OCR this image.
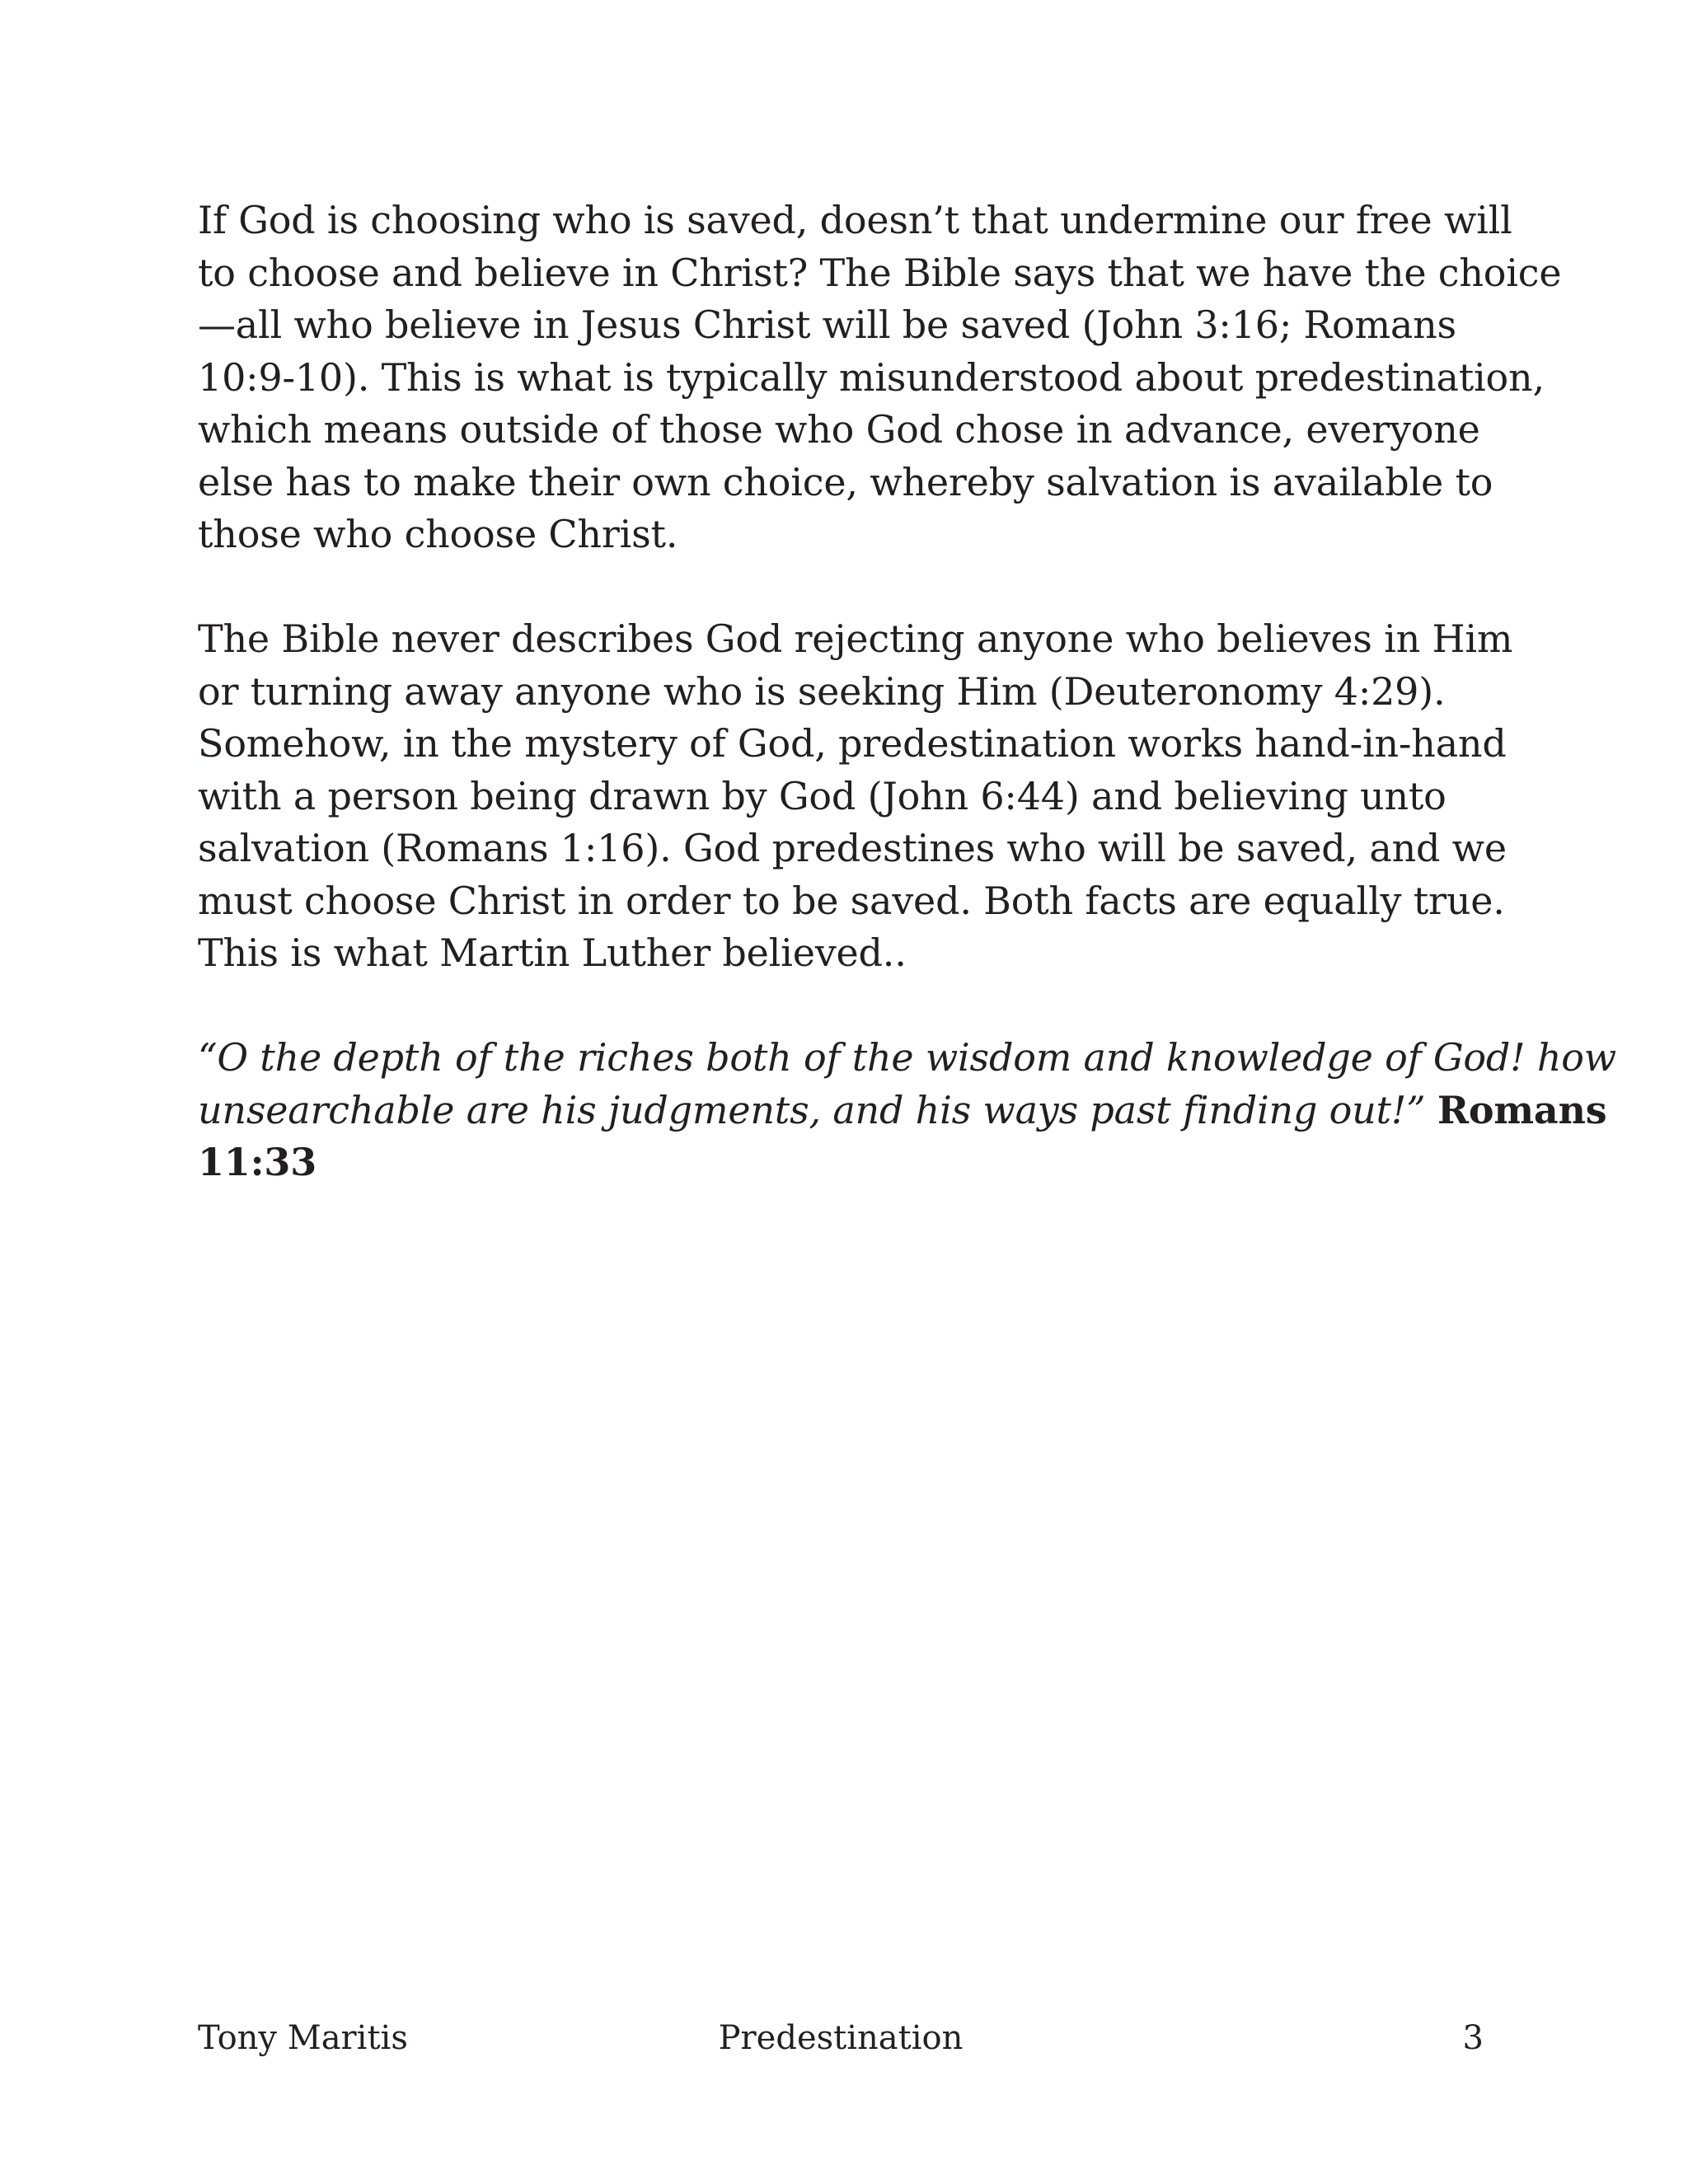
If God is choosing who is saved, doesn’t that undermine our free will
to choose and believe in Christ? The Bible says that we have the choice
—all who believe in Jesus Christ will be saved (John 3:16; Romans
10:9-10). This is what is typically misunderstood about predestination,
which means outside of those who God chose in advance, everyone
else has to make their own choice, whereby salvation is available to
those who choose Christ.

The Bible never describes God rejecting anyone who believes in Him
or turning away anyone who is seeking Him (Deuteronomy 4:29).
Somehow, in the mystery of God, predestination works hand-in-hand
with a person being drawn by God (John 6:44) and believing unto
salvation (Romans 1:16). God predestines who will be saved, and we
must choose Christ in order to be saved. Both facts are equally true.
This is what Martin Luther believed..

“O the depth of the riches both of the wisdom and knowledge of God! how
unsearchable are his judgments, and his ways past finding out!” Romans
11:33

Tony Maritis	Predestination	3
